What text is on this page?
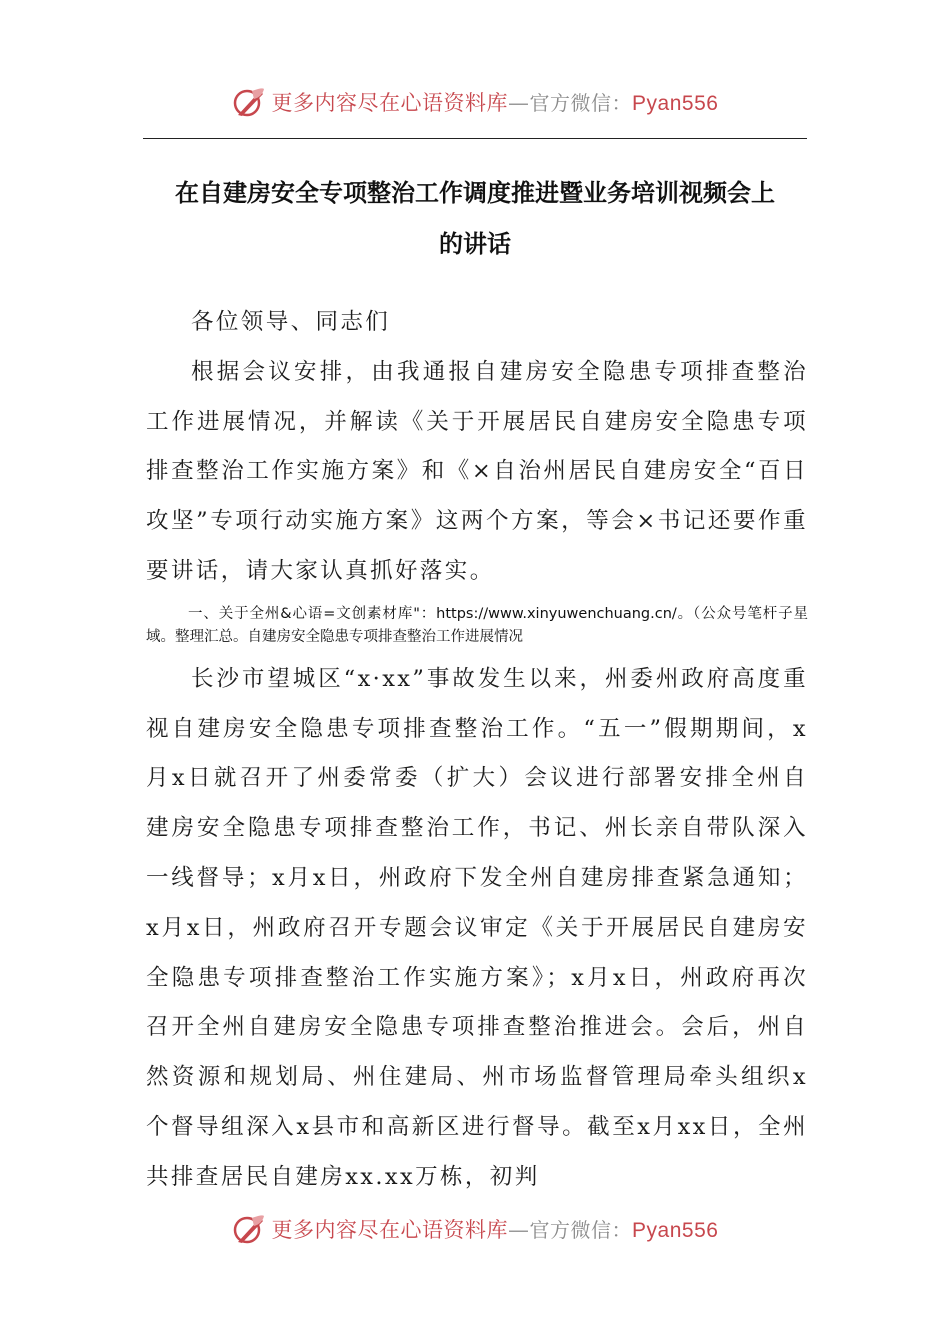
更多内容尽在心语资料库—官方微信：Pyan556
在自建房安全专项整治工作调度推进暨业务培训视频会上
的讲话

各位领导、同志们

根据会议安排，由我通报自建房安全隐患专项排查整治工作进展情况，并解读《关于开展居民自建房安全隐患专项排查整治工作实施方案》和《×自治州居民自建房安全“百日攻坚”专项行动实施方案》这两个方案，等会×书记还要作重要讲话，请大家认真抓好落实。

一、关于全州&心语=文创素材库"：https://www.xinyuwenchuang.cn/。（公众号笔杆子星域。整理汇总。自建房安全隐患专项排查整治工作进展情况

长沙市望城区“x·xx”事故发生以来，州委州政府高度重视自建房安全隐患专项排查整治工作。“五一”假期期间，x月x日就召开了州委常委（扩大）会议进行部署安排全州自建房安全隐患专项排查整治工作，书记、州长亲自带队深入一线督导；x月x日，州政府下发全州自建房排查紧急通知；x月x日，州政府召开专题会议审定《关于开展居民自建房安全隐患专项排查整治工作实施方案》；x月x日，州政府再次召开全州自建房安全隐患专项排查整治推进会。会后，州自然资源和规划局、州住建局、州市场监督管理局牵头组织x个督导组深入x县市和高新区进行督导。截至x月xx日，全州共排查居民自建房xx.xx万栋，初判

更多内容尽在心语资料库—官方微信：Pyan556
